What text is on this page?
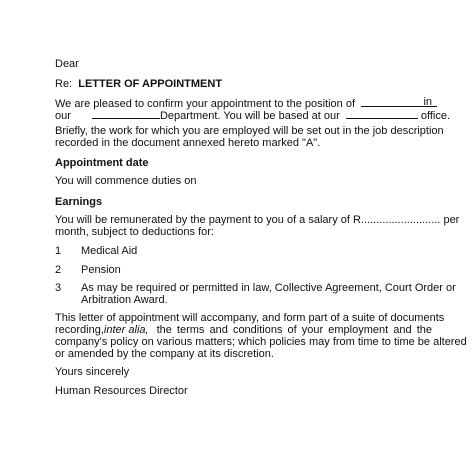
Dear
Re: LETTER OF APPOINTMENT
We are pleased to confirm your appointment to the position of	in
our	Department. You will be based at our	office.
Briefly, the work for which you are employed will be set out in the job description
recorded in the document annexed hereto marked "A".
Appointment date
You will commence duties on
Earnings
You will be remunerated by the payment to you of a salary of R.......................... per
month, subject to deductions for:
1 Medical Aid
2 Pension
3 As may be required or permitted in law, Collective Agreement, Court Order or
Arbitration Award.
This letter of appointment will accompany, and form part of a suite of documents
recording, inter alia, the terms and conditions of your employment and the
company's policy on various matters; which policies may from time to time be altered
or amended by the company at its discretion.
Yours sincerely
Human Resources Director
